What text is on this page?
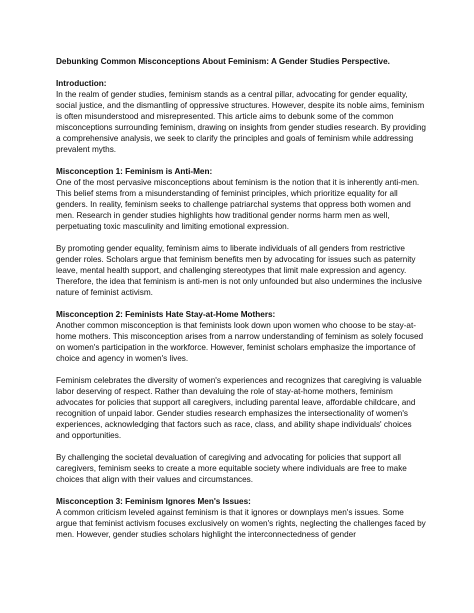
Debunking Common Misconceptions About Feminism: A Gender Studies Perspective.
Introduction:
In the realm of gender studies, feminism stands as a central pillar, advocating for gender equality, social justice, and the dismantling of oppressive structures. However, despite its noble aims, feminism is often misunderstood and misrepresented. This article aims to debunk some of the common misconceptions surrounding feminism, drawing on insights from gender studies research. By providing a comprehensive analysis, we seek to clarify the principles and goals of feminism while addressing prevalent myths.
Misconception 1: Feminism is Anti-Men:
One of the most pervasive misconceptions about feminism is the notion that it is inherently anti-men. This belief stems from a misunderstanding of feminist principles, which prioritize equality for all genders. In reality, feminism seeks to challenge patriarchal systems that oppress both women and men. Research in gender studies highlights how traditional gender norms harm men as well, perpetuating toxic masculinity and limiting emotional expression.

By promoting gender equality, feminism aims to liberate individuals of all genders from restrictive gender roles. Scholars argue that feminism benefits men by advocating for issues such as paternity leave, mental health support, and challenging stereotypes that limit male expression and agency. Therefore, the idea that feminism is anti-men is not only unfounded but also undermines the inclusive nature of feminist activism.

Misconception 2: Feminists Hate Stay-at-Home Mothers:
Another common misconception is that feminists look down upon women who choose to be stay-at-home mothers. This misconception arises from a narrow understanding of feminism as solely focused on women's participation in the workforce. However, feminist scholars emphasize the importance of choice and agency in women's lives.

Feminism celebrates the diversity of women's experiences and recognizes that caregiving is valuable labor deserving of respect. Rather than devaluing the role of stay-at-home mothers, feminism advocates for policies that support all caregivers, including parental leave, affordable childcare, and recognition of unpaid labor. Gender studies research emphasizes the intersectionality of women's experiences, acknowledging that factors such as race, class, and ability shape individuals' choices and opportunities.

By challenging the societal devaluation of caregiving and advocating for policies that support all caregivers, feminism seeks to create a more equitable society where individuals are free to make choices that align with their values and circumstances.

Misconception 3: Feminism Ignores Men's Issues:
A common criticism leveled against feminism is that it ignores or downplays men's issues. Some argue that feminist activism focuses exclusively on women's rights, neglecting the challenges faced by men. However, gender studies scholars highlight the interconnectedness of gender
